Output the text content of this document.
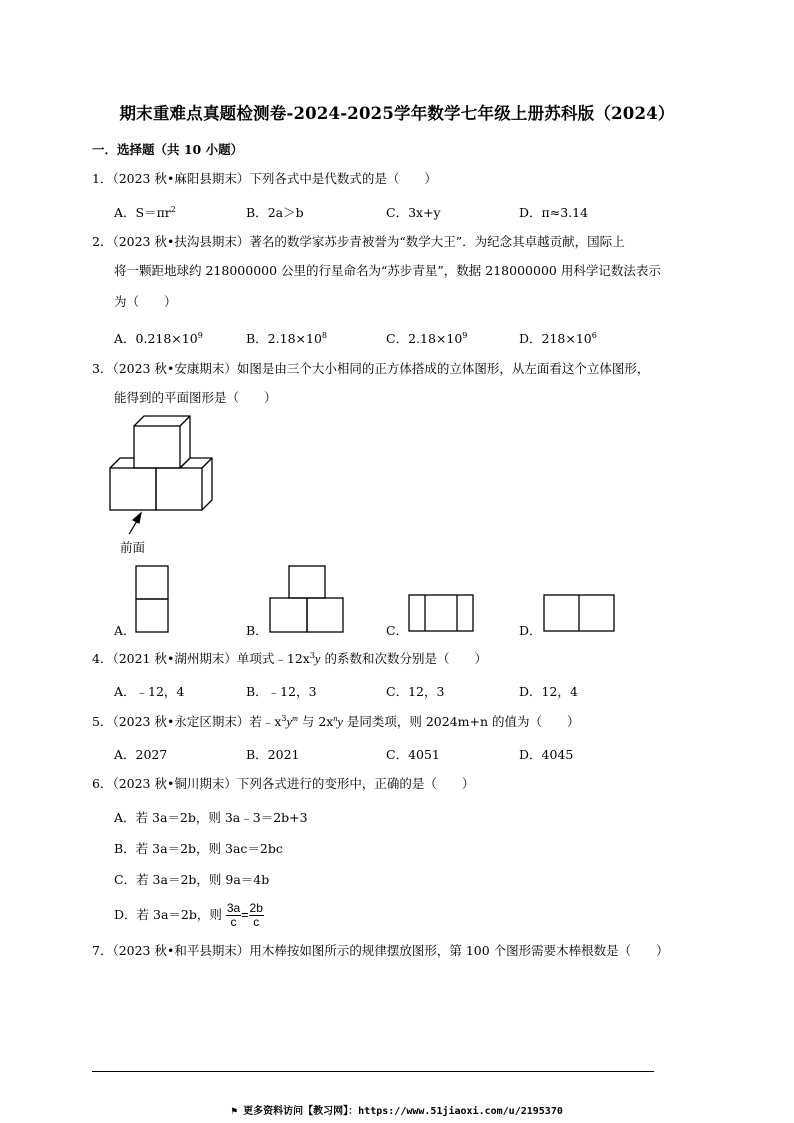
期末重难点真题检测卷-2024-2025学年数学七年级上册苏科版（2024）
一．选择题（共 10 小题）
1．（2023 秋•麻阳县期末）下列各式中是代数式的是（　　）
A．$S=\pi r^2$	B．2a＞b	C．3x+y	D．π≈3.14
2．（2023 秋•扶沟县期末）著名的数学家苏步青被誉为“数学大王”．为纪念其卓越贡献，国际上
将一颗距地球约 218000000 公里的行星命名为“苏步青星”，数据 218000000 用科学记数法表示
为（　　）
A．$0.218\times 10^9$	B．$2.18\times 10^8$	C．$2.18\times 10^9$	D．$218\times 10^6$
3．（2023 秋•安康期末）如图是由三个大小相同的正方体搭成的立体图形，从左面看这个立体图形，
能得到的平面图形是（　　）
前面
A．	B．	C．	D．
4．（2021 秋•湖州期末）单项式$﹣12x^3y$ 的系数和次数分别是（　　）
A．﹣12，4	B．﹣12，3	C．12，3	D．12，4
5．（2023 秋•永定区期末）若$﹣x^3y^m$ 与 $2x^ny$ 是同类项，则 2024m+n 的值为（　　）
A．2027	B．2021	C．4051	D．4045
6．（2023 秋•铜川期末）下列各式进行的变形中，正确的是（　　）
A．若 3a＝2b，则 3a﹣3＝2b+3
B．若 3a＝2b，则 3ac＝2bc
C．若 3a＝2b，则 9a＝4b
D．若 3a＝2b，则 $\frac{3a}{c} = \frac{2b}{c}$
7．（2023 秋•和平县期末）用木棒按如图所示的规律摆放图形，第 100 个图形需要木棒根数是（　　）
⚑ 更多资料访问【教习网】：https://www.51jiaoxi.com/u/2195370
